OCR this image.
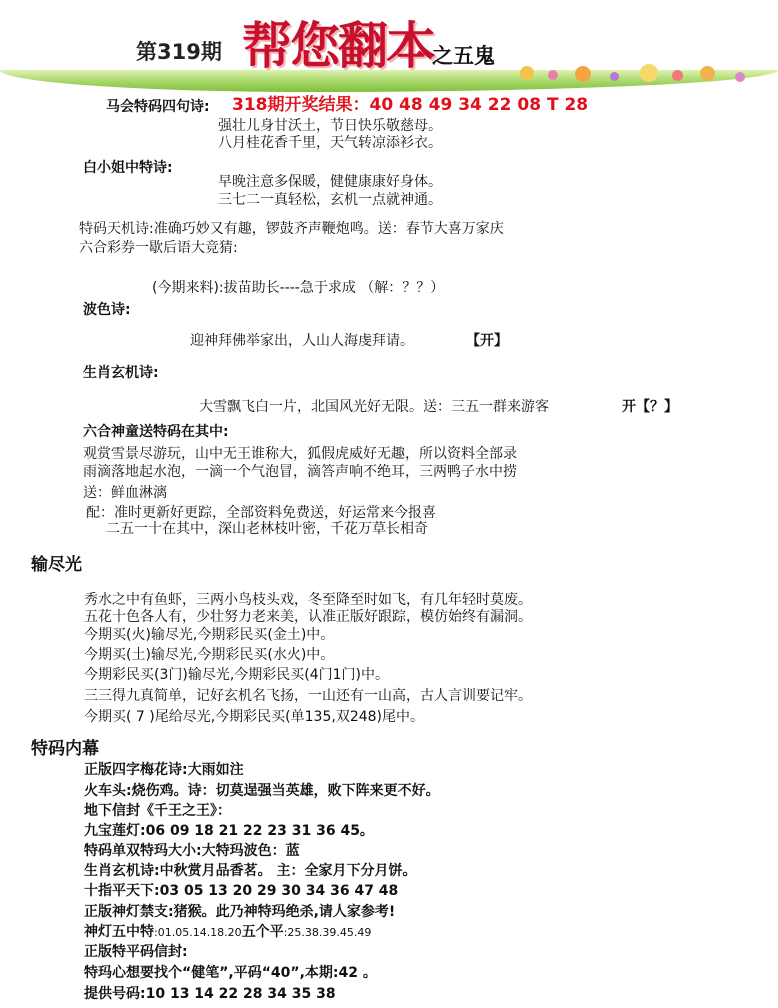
第319期 帮您翻本
之五鬼
318期开奖结果：40 48 49 34 22 08 T 28
马会特码四句诗:
强壮儿身甘沃土，节日快乐敬慈母。
八月桂花香千里，天气转凉添衫衣。
白小姐中特诗:
早晚注意多保暖，健健康康好身体。
三七二一真轻松，玄机一点就神通。
特码天机诗:准确巧妙又有趣，锣鼓齐声鞭炮鸣。送：春节大喜万家庆
六合彩券一歇后语大竞猜:
(今期来料):拔苗助长----急于求成 （解：？？）
波色诗:
迎神拜佛举家出，人山人海虔拜请。	【开】
生肖玄机诗:
大雪飘飞白一片，北国风光好无限。送：三五一群来游客	开【？】
六合神童送特码在其中:
观赏雪景尽游玩，山中无王谁称大，狐假虎威好无趣，所以资料全部录
雨滴落地起水泡，一滴一个气泡冒，滴答声响不绝耳，三两鸭子水中捞
送：鲜血淋漓
配：准时更新好更踪，全部资料免费送，好运常来今报喜
二五一十在其中，深山老林枝叶密，千花万草长相奇
输尽光
秀水之中有鱼虾，三两小鸟枝头戏，冬至降至时如飞，有几年轻时莫废。
五花十色各人有，少壮努力老来美，认准正版好跟踪，模仿始终有漏洞。
今期买(火)输尽光,今期彩民买(金土)中。
今期买(土)输尽光,今期彩民买(水火)中。
今期彩民买(3门)输尽光,今期彩民买(4门1门)中。
三三得九真简单，记好玄机名飞扬，一山还有一山高，古人言训要记牢。
今期买( 7 )尾给尽光,今期彩民买(单135,双248)尾中。
特码内幕
正版四字梅花诗:大雨如注
火车头:烧伤鸡。诗：切莫逞强当英雄，败下阵来更不好。
地下信封《千王之王》：
九宝莲灯:06 09 18 21 22 23 31 36 45。
特码单双特玛大小:大特玛波色：蓝
生肖玄机诗:中秋赏月品香茗。 主：全家月下分月饼。
十指平天下:03 05 13 20 29 30 34 36 47 48
正版神灯禁支:猪猴。此乃神特玛绝杀,请人家参考!
神灯五中特:01.05.14.18.20五个平:25.38.39.45.49
正版特平码信封:
特玛心想要找个“健笔”,平码“40”,本期:42 。
提供号码:10 13 14 22 28 34 35 38
